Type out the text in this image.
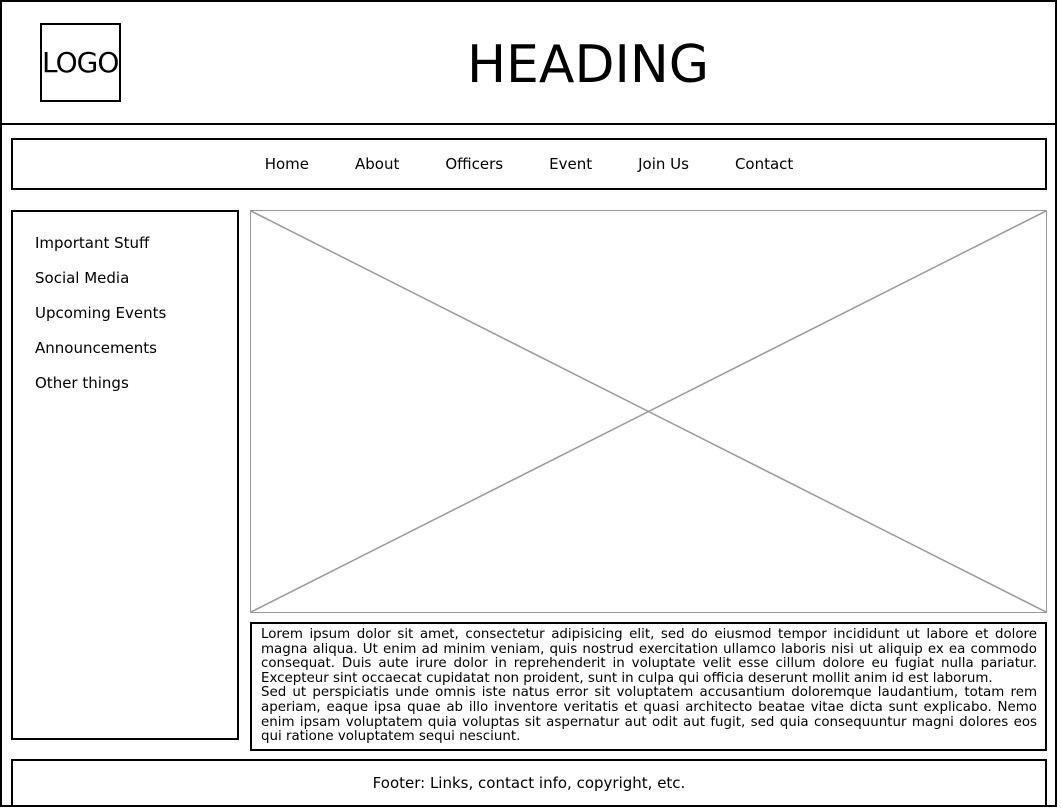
LOGO	HEADING
Home	About	Officers	Event	Join Us	Contact
Important Stuff
Social Media
Upcoming Events
Announcements
Other things

Lorem ipsum dolor sit amet, consectetur adipisicing elit, sed do eiusmod tempor incididunt ut labore et dolore magna aliqua. Ut enim ad minim veniam, quis nostrud exercitation ullamco laboris nisi ut aliquip ex ea commodo consequat. Duis aute irure dolor in reprehenderit in voluptate velit esse cillum dolore eu fugiat nulla pariatur. Excepteur sint occaecat cupidatat non proident, sunt in culpa qui officia deserunt mollit anim id est laborum.

Sed ut perspiciatis unde omnis iste natus error sit voluptatem accusantium doloremque laudantium, totam rem aperiam, eaque ipsa quae ab illo inventore veritatis et quasi architecto beatae vitae dicta sunt explicabo. Nemo enim ipsam voluptatem quia voluptas sit aspernatur aut odit aut fugit, sed quia consequuntur magni dolores eos qui ratione voluptatem sequi nesciunt.

Footer: Links, contact info, copyright, etc.
